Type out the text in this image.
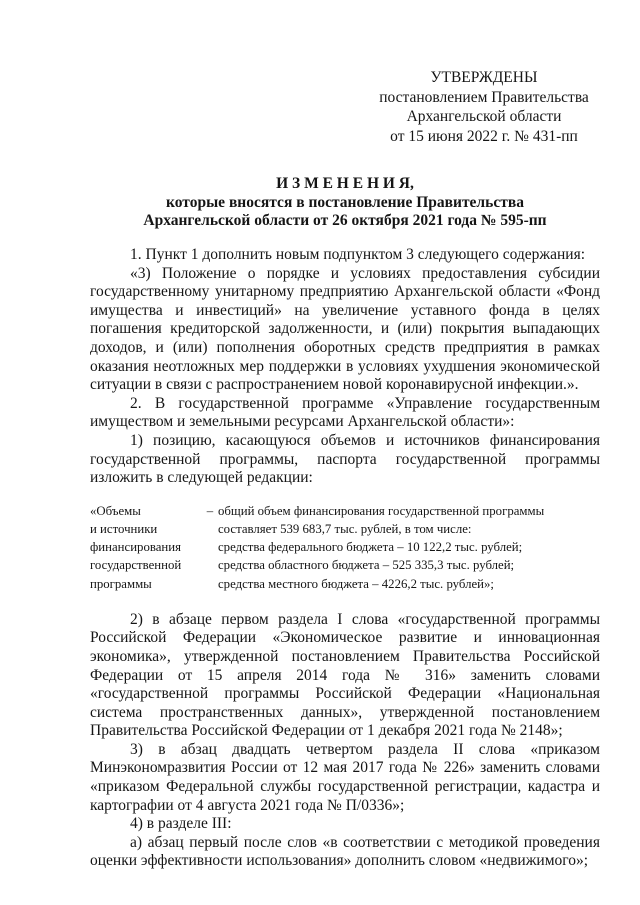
УТВЕРЖДЕНЫ
постановлением Правительства
Архангельской области
от 15 июня 2022 г. № 431-пп
И З М Е Н Е Н И Я,
которые вносятся в постановление Правительства
Архангельской области от 26 октября 2021 года № 595-пп

1. Пункт 1 дополнить новым подпунктом 3 следующего содержания:

«3) Положение о порядке и условиях предоставления субсидии государственному унитарному предприятию Архангельской области «Фонд имущества и инвестиций» на увеличение уставного фонда в целях погашения кредиторской задолженности, и (или) покрытия выпадающих доходов, и (или) пополнения оборотных средств предприятия в рамках оказания неотложных мер поддержки в условиях ухудшения экономической ситуации в связи с распространением новой коронавирусной инфекции.».

2. В государственной программе «Управление государственным имуществом и земельными ресурсами Архангельской области»:

1) позицию, касающуюся объемов и источников финансирования государственной программы, паспорта государственной программы изложить в следующей редакции:

«Объемы
и источники
финансирования
государственной
программы
– общий объем финансирования государственной программы составляет 539 683,7 тыс. рублей, в том числе:
средства федерального бюджета – 10 122,2 тыс. рублей;
средства областного бюджета – 525 335,3 тыс. рублей;
средства местного бюджета – 4226,2 тыс. рублей»;

2) в абзаце первом раздела I слова «государственной программы Российской Федерации «Экономическое развитие и инновационная экономика», утвержденной постановлением Правительства Российской Федерации от 15 апреля 2014 года № 316» заменить словами «государственной программы Российской Федерации «Национальная система пространственных данных», утвержденной постановлением Правительства Российской Федерации от 1 декабря 2021 года № 2148»;

3) в абзац двадцать четвертом раздела II слова «приказом Минэкономразвития России от 12 мая 2017 года № 226» заменить словами «приказом Федеральной службы государственной регистрации, кадастра и картографии от 4 августа 2021 года № П/0336»;

4) в разделе III:

а) абзац первый после слов «в соответствии с методикой проведения оценки эффективности использования» дополнить словом «недвижимого»;
